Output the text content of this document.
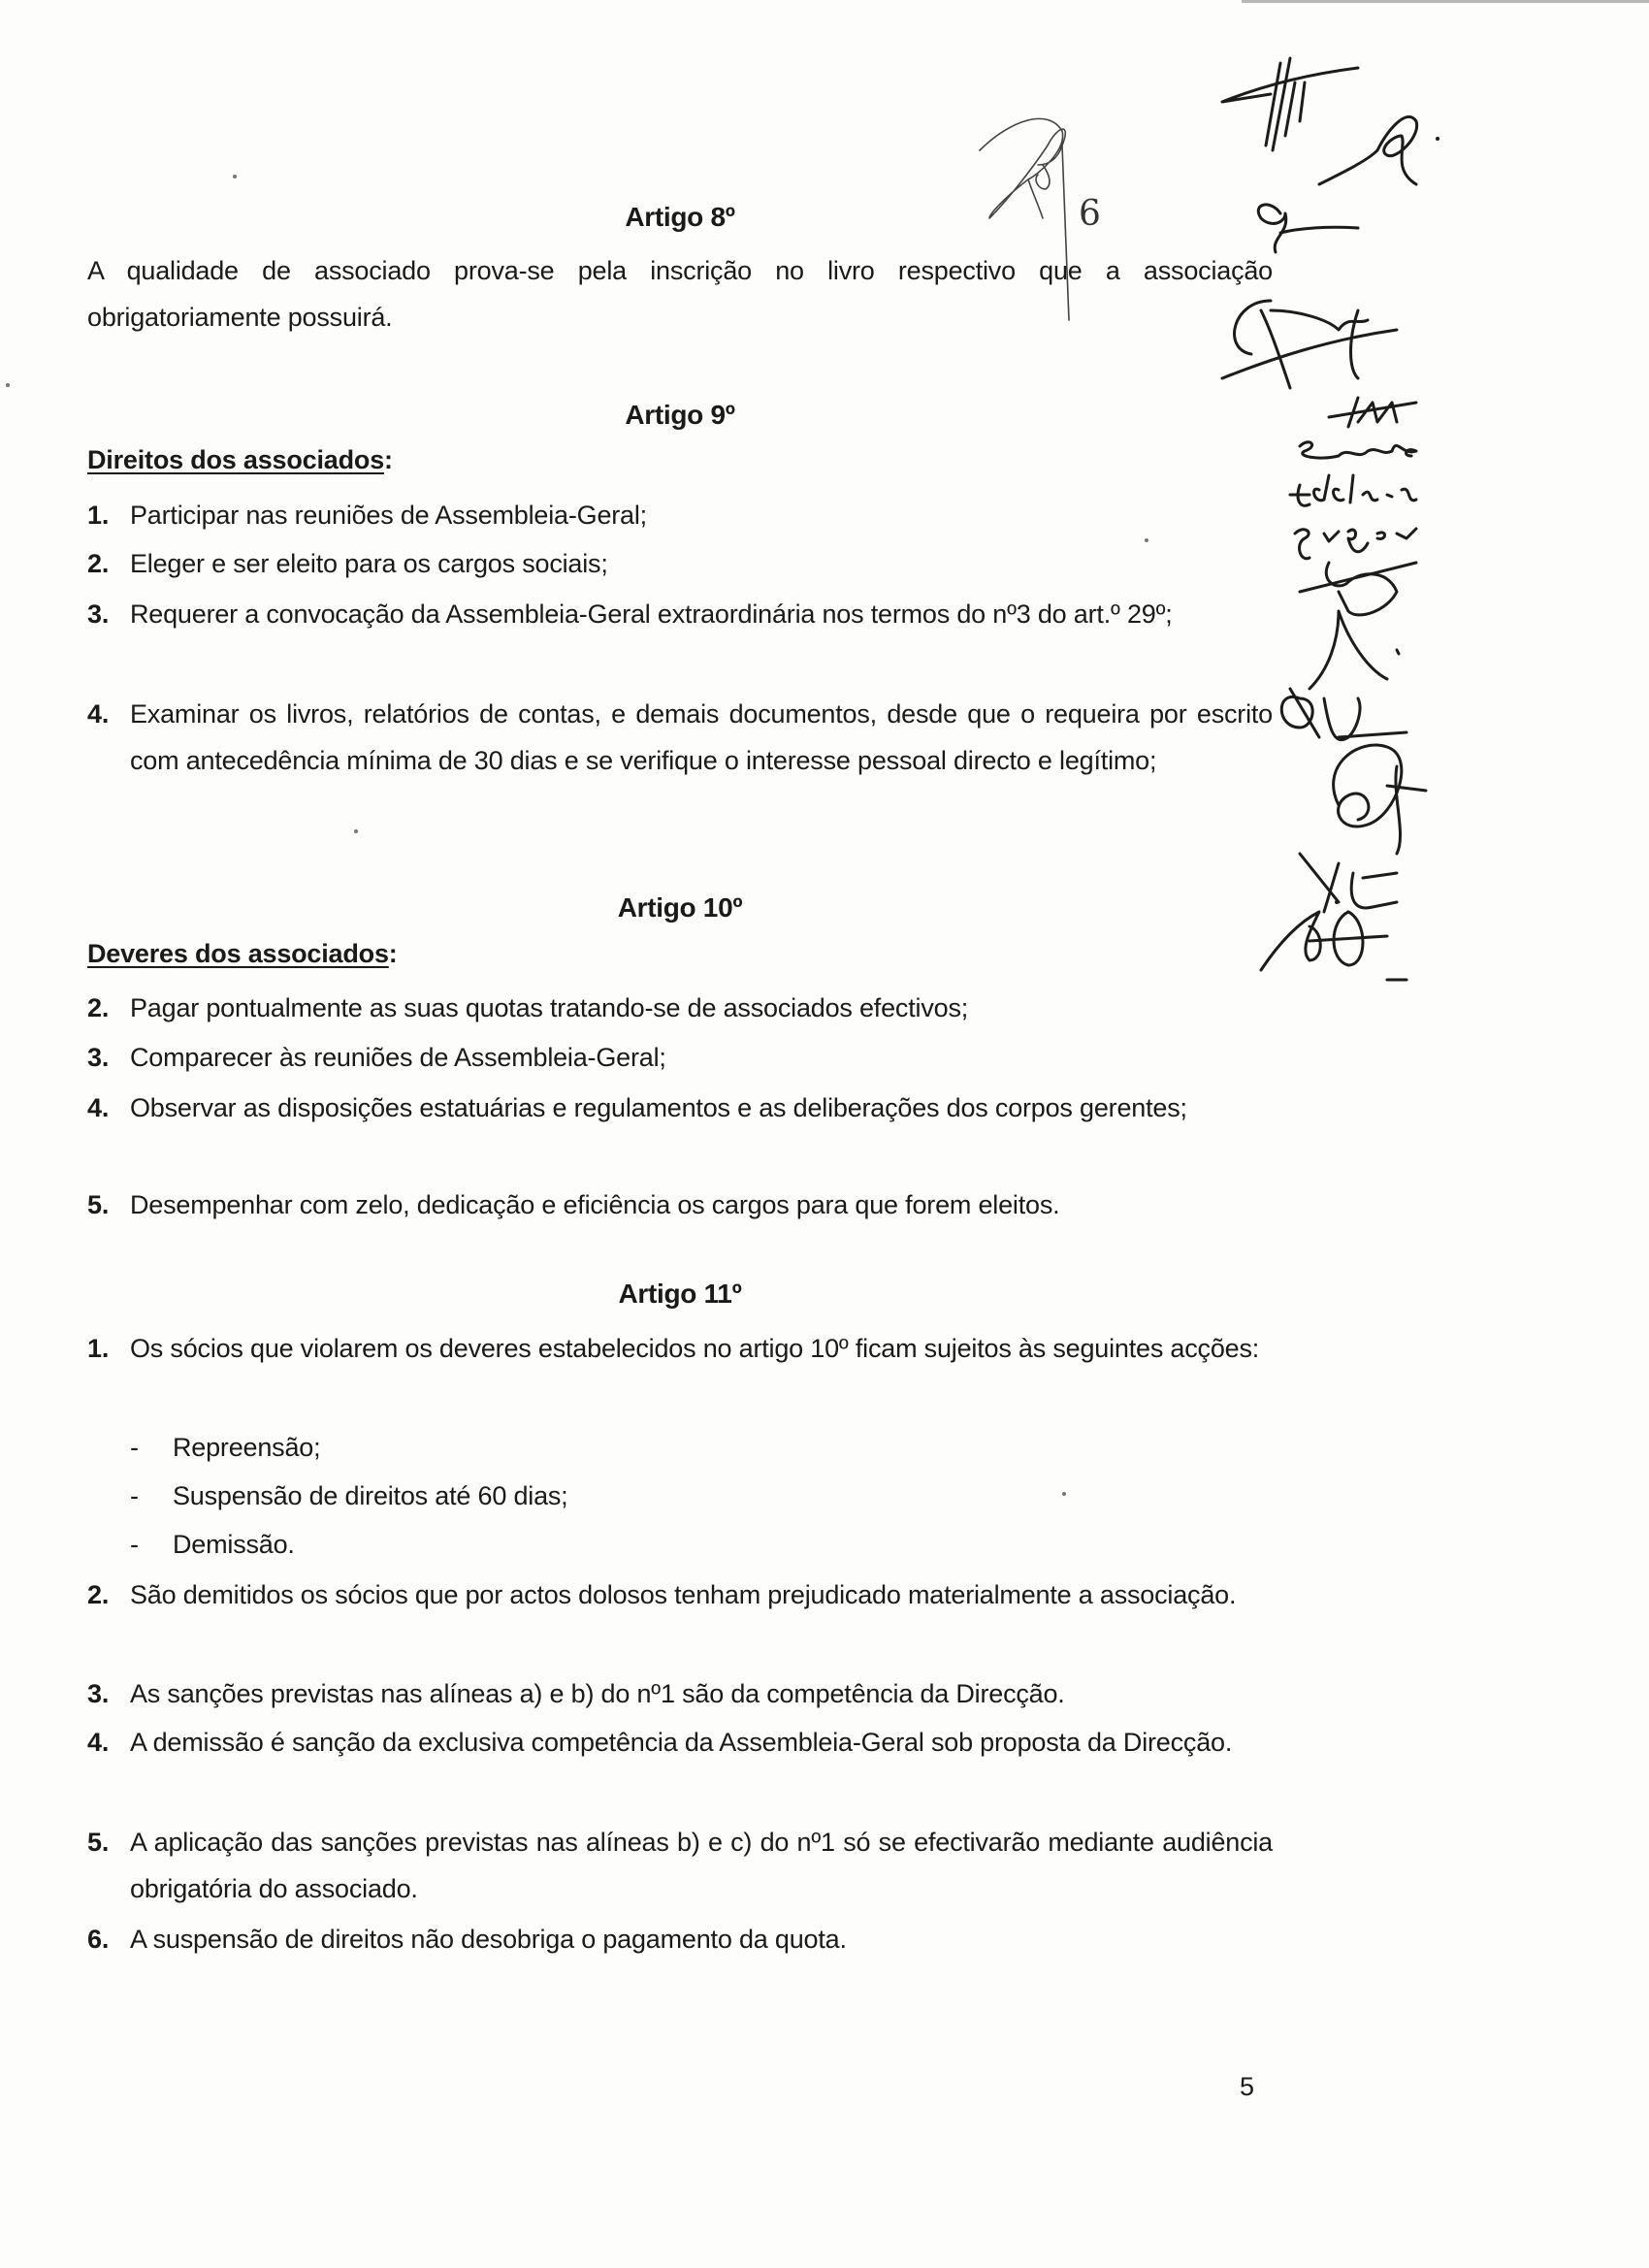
6
Artigo 8º
A qualidade de associado prova-se pela inscrição no livro respectivo que a associação obrigatoriamente possuirá.
Artigo 9º
Direitos dos associados:
1. Participar nas reuniões de Assembleia-Geral;
2. Eleger e ser eleito para os cargos sociais;
3. Requerer a convocação da Assembleia-Geral extraordinária nos termos do nº3 do art.º 29º;
4. Examinar os livros, relatórios de contas, e demais documentos, desde que o requeira por escrito com antecedência mínima de 30 dias e se verifique o interesse pessoal directo e legítimo;
Artigo 10º
Deveres dos associados:
2. Pagar pontualmente as suas quotas tratando-se de associados efectivos;
3. Comparecer às reuniões de Assembleia-Geral;
4. Observar as disposições estatuárias e regulamentos e as deliberações dos corpos gerentes;
5. Desempenhar com zelo, dedicação e eficiência os cargos para que forem eleitos.
Artigo 11º
1. Os sócios que violarem os deveres estabelecidos no artigo 10º ficam sujeitos às seguintes acções:
- Repreensão;
- Suspensão de direitos até 60 dias;
- Demissão.
2. São demitidos os sócios que por actos dolosos tenham prejudicado materialmente a associação.
3. As sanções previstas nas alíneas a) e b) do nº1 são da competência da Direcção.
4. A demissão é sanção da exclusiva competência da Assembleia-Geral sob proposta da Direcção.
5. A aplicação das sanções previstas nas alíneas b) e c) do nº1 só se efectivarão mediante audiência obrigatória do associado.
6. A suspensão de direitos não desobriga o pagamento da quota.
5
Emília Idalécia Gregório
